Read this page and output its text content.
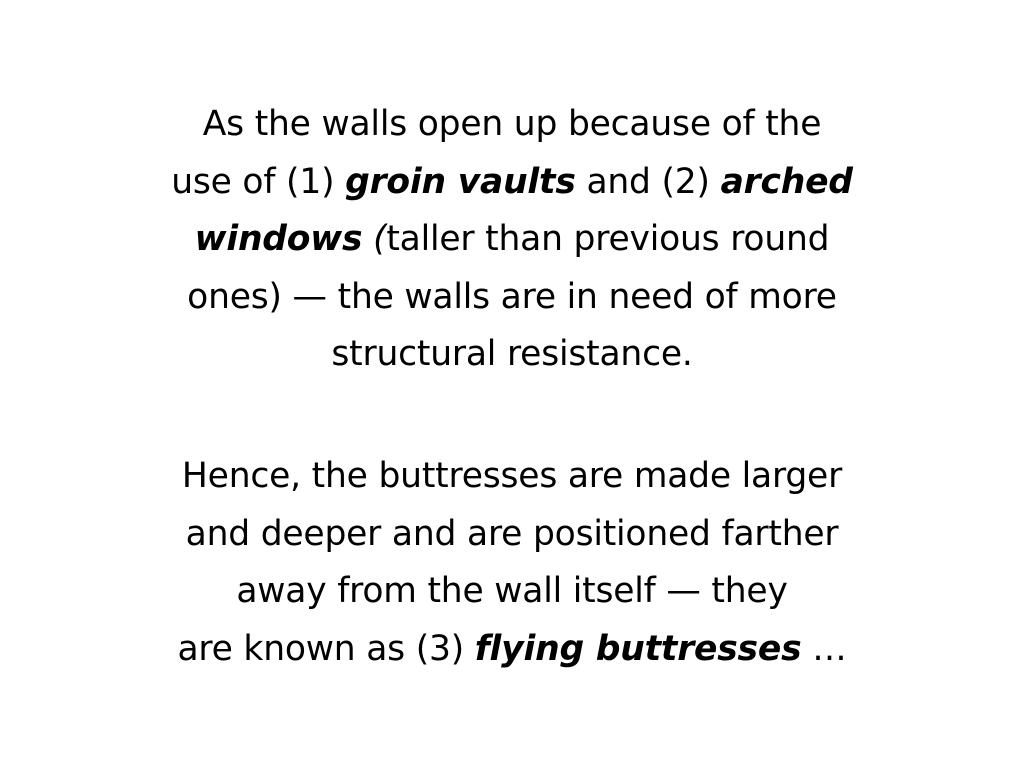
As the walls open up because of the
use of (1) groin vaults and (2) arched
windows (taller than previous round
ones) — the walls are in need of more
structural resistance.
Hence, the buttresses are made larger
and deeper and are positioned farther
away from the wall itself — they
are known as (3) flying buttresses …
